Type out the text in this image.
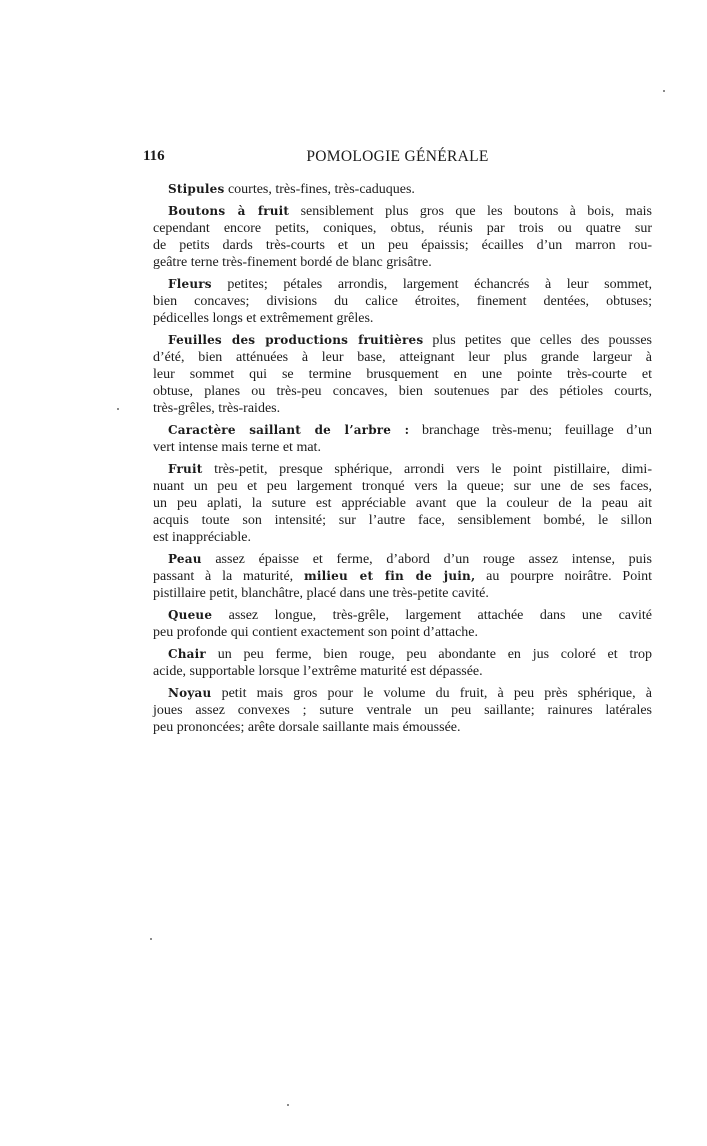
116	POMOLOGIE GÉNÉRALE
Stipules courtes, très-fines, très-caduques.
Boutons à fruit sensiblement plus gros que les boutons à bois, mais
cependant encore petits, coniques, obtus, réunis par trois ou quatre sur
de petits dards très-courts et un peu épaissis; écailles d’un marron rou-
geâtre terne très-finement bordé de blanc grisâtre.
Fleurs petites; pétales arrondis, largement échancrés à leur sommet,
bien concaves; divisions du calice étroites, finement dentées, obtuses;
pédicelles longs et extrêmement grêles.
Feuilles des productions fruitières plus petites que celles des pousses
d’été, bien atténuées à leur base, atteignant leur plus grande largeur à
leur sommet qui se termine brusquement en une pointe très-courte et
obtuse, planes ou très-peu concaves, bien soutenues par des pétioles courts,
très-grêles, très-raides.
Caractère saillant de l’arbre : branchage très-menu; feuillage d’un
vert intense mais terne et mat.
Fruit très-petit, presque sphérique, arrondi vers le point pistillaire, dimi-
nuant un peu et peu largement tronqué vers la queue; sur une de ses faces,
un peu aplati, la suture est appréciable avant que la couleur de la peau ait
acquis toute son intensité; sur l’autre face, sensiblement bombé, le sillon
est inappréciable.
Peau assez épaisse et ferme, d’abord d’un rouge assez intense, puis
passant à la maturité, milieu et fin de juin, au pourpre noirâtre. Point
pistillaire petit, blanchâtre, placé dans une très-petite cavité.
Queue assez longue, très-grêle, largement attachée dans une cavité
peu profonde qui contient exactement son point d’attache.
Chair un peu ferme, bien rouge, peu abondante en jus coloré et trop
acide, supportable lorsque l’extrême maturité est dépassée.
Noyau petit mais gros pour le volume du fruit, à peu près sphérique, à
joues assez convexes ; suture ventrale un peu saillante; rainures latérales
peu prononcées; arête dorsale saillante mais émoussée.
